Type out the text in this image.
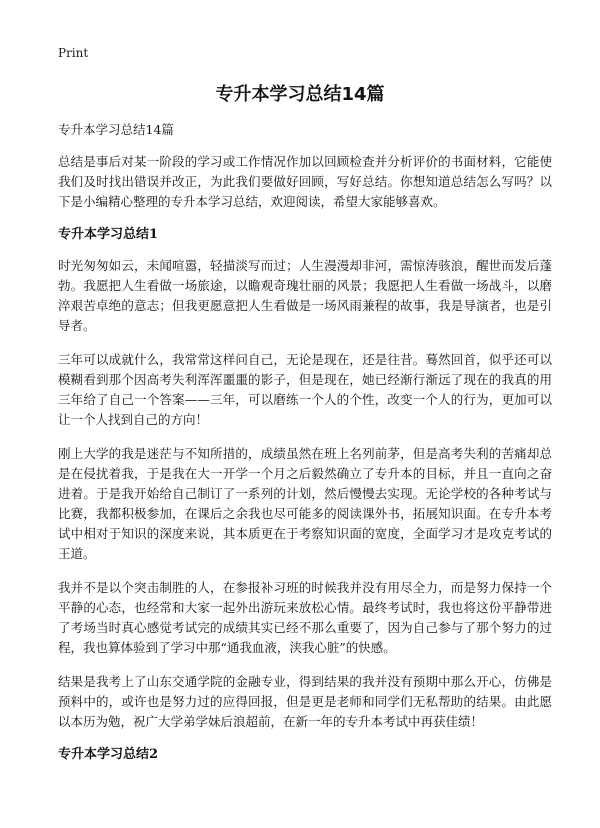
Print
专升本学习总结14篇

专升本学习总结14篇

总结是事后对某一阶段的学习或工作情况作加以回顾检查并分析评价的书面材料，它能使我们及时找出错误并改正，为此我们要做好回顾，写好总结。你想知道总结怎么写吗？以下是小编精心整理的专升本学习总结，欢迎阅读，希望大家能够喜欢。

专升本学习总结1

时光匆匆如云，未闻喧嚣，轻描淡写而过；人生漫漫却非河，需惊涛骇浪，醒世而发后蓬勃。我愿把人生看做一场旅途，以瞻观奇瑰壮丽的风景；我愿把人生看做一场战斗，以磨淬艰苦卓绝的意志；但我更愿意把人生看做是一场风雨兼程的故事，我是导演者，也是引导者。

三年可以成就什么，我常常这样问自己，无论是现在，还是往昔。蓦然回首，似乎还可以模糊看到那个因高考失利浑浑噩噩的影子，但是现在，她已经渐行渐远了现在的我真的用三年给了自己一个答案——三年，可以磨练一个人的个性，改变一个人的行为，更加可以让一个人找到自己的方向！

刚上大学的我是迷茫与不知所措的，成绩虽然在班上名列前茅，但是高考失利的苦痛却总是在侵扰着我，于是我在大一开学一个月之后毅然确立了专升本的目标，并且一直向之奋进着。于是我开始给自己制订了一系列的计划，然后慢慢去实现。无论学校的各种考试与比赛，我都积极参加，在课后之余我也尽可能多的阅读课外书，拓展知识面。在专升本考试中相对于知识的深度来说，其本质更在于考察知识面的宽度，全面学习才是攻克考试的王道。

我并不是以个突击制胜的人，在参报补习班的时候我并没有用尽全力，而是努力保持一个平静的心态，也经常和大家一起外出游玩来放松心情。最终考试时，我也将这份平静带进了考场当时真心感觉考试完的成绩其实已经不那么重要了，因为自己参与了那个努力的过程，我也算体验到了学习中那“通我血液，浃我心脏”的快感。

结果是我考上了山东交通学院的金融专业，得到结果的我并没有预期中那么开心，仿佛是预料中的，或许也是努力过的应得回报，但是更是老师和同学们无私帮助的结果。由此愿以本历为勉，祝广大学弟学妹后浪超前，在新一年的专升本考试中再获佳绩！

专升本学习总结2
